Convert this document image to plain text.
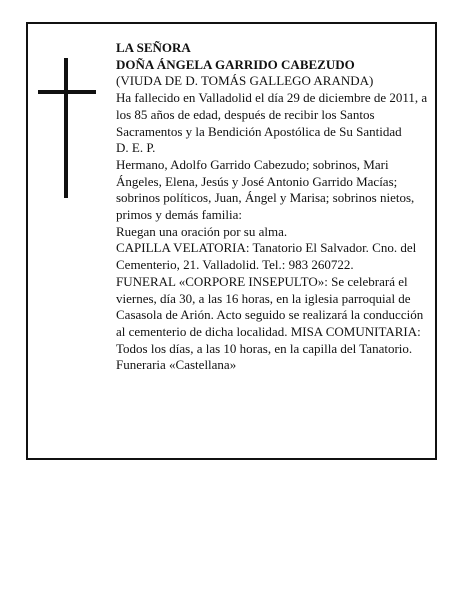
LA SEÑORA

DOÑA ÁNGELA GARRIDO CABEZUDO

(VIUDA DE D. TOMÁS GALLEGO ARANDA)

Ha fallecido en Valladolid el día 29 de diciembre de 2011, a los 85 años de edad, después de recibir los Santos Sacramentos y la Bendición Apostólica de Su Santidad

D. E. P.

Hermano, Adolfo Garrido Cabezudo; sobrinos, Mari Ángeles, Elena, Jesús y José Antonio Garrido Macías; sobrinos políticos, Juan, Ángel y Marisa; sobrinos nietos, primos y demás familia:

Ruegan una oración por su alma.

CAPILLA VELATORIA: Tanatorio El Salvador. Cno. del Cementerio, 21. Valladolid. Tel.: 983 260722.

FUNERAL «CORPORE INSEPULTO»: Se celebrará el viernes, día 30, a las 16 horas, en la iglesia parroquial de Casasola de Arión. Acto seguido se realizará la conducción al cementerio de dicha localidad. MISA COMUNITARIA: Todos los días, a las 10 horas, en la capilla del Tanatorio.

Funeraria «Castellana»
